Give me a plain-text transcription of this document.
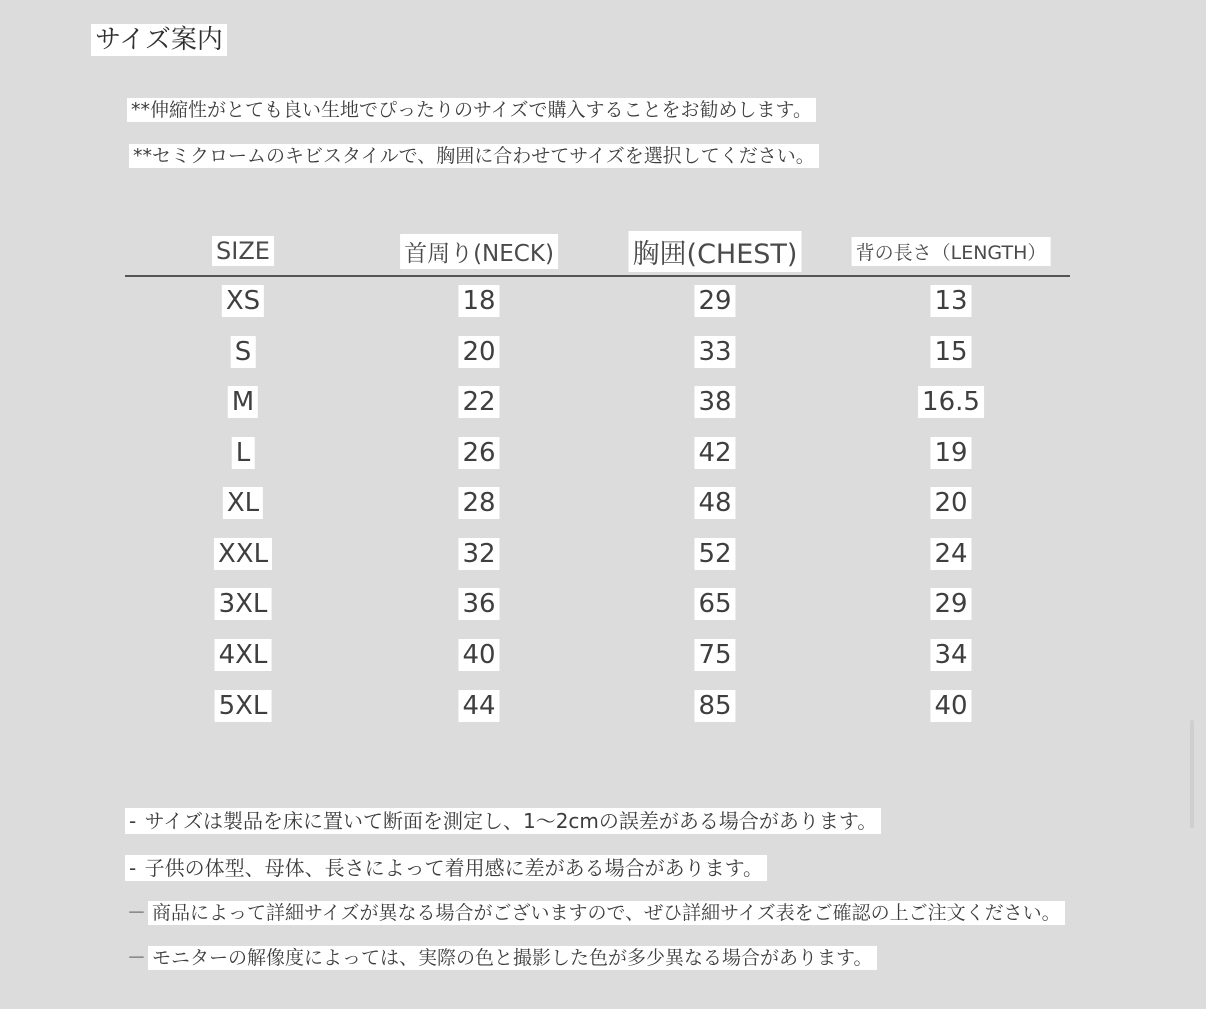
サイズ案内
**伸縮性がとても良い生地でぴったりのサイズで購入することをお勧めします。
**セミクロームのキビスタイルで、胸囲に合わせてサイズを選択してください。
SIZE	首周り(NECK)	胸囲(CHEST)	背の長さ（LENGTH）
XS	18	29	13
S	20	33	15
M	22	38	16.5
L	26	42	19
XL	28	48	20
XXL	32	52	24
3XL	36	65	29
4XL	40	75	34
5XL	44	85	40
- サイズは製品を床に置いて断面を測定し、1〜2cmの誤差がある場合があります。
- 子供の体型、母体、長さによって着用感に差がある場合があります。
－ 商品によって詳細サイズが異なる場合がございますので、ぜひ詳細サイズ表をご確認の上ご注文ください。
－ モニターの解像度によっては、実際の色と撮影した色が多少異なる場合があります。
